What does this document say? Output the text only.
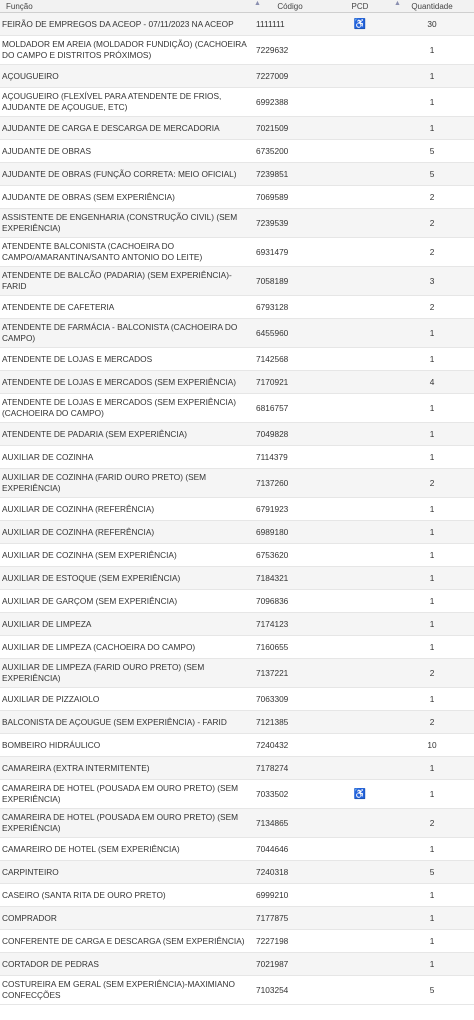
Função	▲ Código	PCD	▲ Quantidade
FEIRÃO DE EMPREGOS DA ACEOP - 07/11/2023 NA ACEOP	1111111	♿	30
MOLDADOR EM AREIA (MOLDADOR FUNDIÇÃO) (CACHOEIRA DO CAMPO E DISTRITOS PRÓXIMOS)	7229632		1
AÇOUGUEIRO	7227009		1
AÇOUGUEIRO (FLEXÍVEL PARA ATENDENTE DE FRIOS, AJUDANTE DE AÇOUGUE, ETC)	6992388		1
AJUDANTE DE CARGA E DESCARGA DE MERCADORIA	7021509		1
AJUDANTE DE OBRAS	6735200		5
AJUDANTE DE OBRAS (FUNÇÃO CORRETA: MEIO OFICIAL)	7239851		5
AJUDANTE DE OBRAS (SEM EXPERIÊNCIA)	7069589		2
ASSISTENTE DE ENGENHARIA (CONSTRUÇÃO CIVIL) (SEM EXPERIÊNCIA)	7239539		2
ATENDENTE BALCONISTA (CACHOEIRA DO CAMPO/AMARANTINA/SANTO ANTONIO DO LEITE)	6931479		2
ATENDENTE DE BALCÃO (PADARIA) (SEM EXPERIÊNCIA)-FARID	7058189		3
ATENDENTE DE CAFETERIA	6793128		2
ATENDENTE DE FARMÁCIA - BALCONISTA (CACHOEIRA DO CAMPO)	6455960		1
ATENDENTE DE LOJAS E MERCADOS	7142568		1
ATENDENTE DE LOJAS E MERCADOS (SEM EXPERIÊNCIA)	7170921		4
ATENDENTE DE LOJAS E MERCADOS (SEM EXPERIÊNCIA) (CACHOEIRA DO CAMPO)	6816757		1
ATENDENTE DE PADARIA (SEM EXPERIÊNCIA)	7049828		1
AUXILIAR DE COZINHA	7114379		1
AUXILIAR DE COZINHA (FARID OURO PRETO) (SEM EXPERIÊNCIA)	7137260		2
AUXILIAR DE COZINHA (REFERÊNCIA)	6791923		1
AUXILIAR DE COZINHA (REFERÊNCIA)	6989180		1
AUXILIAR DE COZINHA (SEM EXPERIÊNCIA)	6753620		1
AUXILIAR DE ESTOQUE (SEM EXPERIÊNCIA)	7184321		1
AUXILIAR DE GARÇOM (SEM EXPERIÊNCIA)	7096836		1
AUXILIAR DE LIMPEZA	7174123		1
AUXILIAR DE LIMPEZA (CACHOEIRA DO CAMPO)	7160655		1
AUXILIAR DE LIMPEZA (FARID OURO PRETO) (SEM EXPERIÊNCIA)	7137221		2
AUXILIAR DE PIZZAIOLO	7063309		1
BALCONISTA DE AÇOUGUE (SEM EXPERIÊNCIA) - FARID	7121385		2
BOMBEIRO HIDRÁULICO	7240432		10
CAMAREIRA (EXTRA INTERMITENTE)	7178274		1
CAMAREIRA DE HOTEL (POUSADA EM OURO PRETO) (SEM EXPERIÊNCIA)	7033502	♿	1
CAMAREIRA DE HOTEL (POUSADA EM OURO PRETO) (SEM EXPERIÊNCIA)	7134865		2
CAMAREIRO DE HOTEL (SEM EXPERIÊNCIA)	7044646		1
CARPINTEIRO	7240318		5
CASEIRO (SANTA RITA DE OURO PRETO)	6999210		1
COMPRADOR	7177875		1
CONFERENTE DE CARGA E DESCARGA (SEM EXPERIÊNCIA)	7227198		1
CORTADOR DE PEDRAS	7021987		1
COSTUREIRA EM GERAL (SEM EXPERIÊNCIA)-MAXIMIANO CONFECÇÕES	7103254		5
